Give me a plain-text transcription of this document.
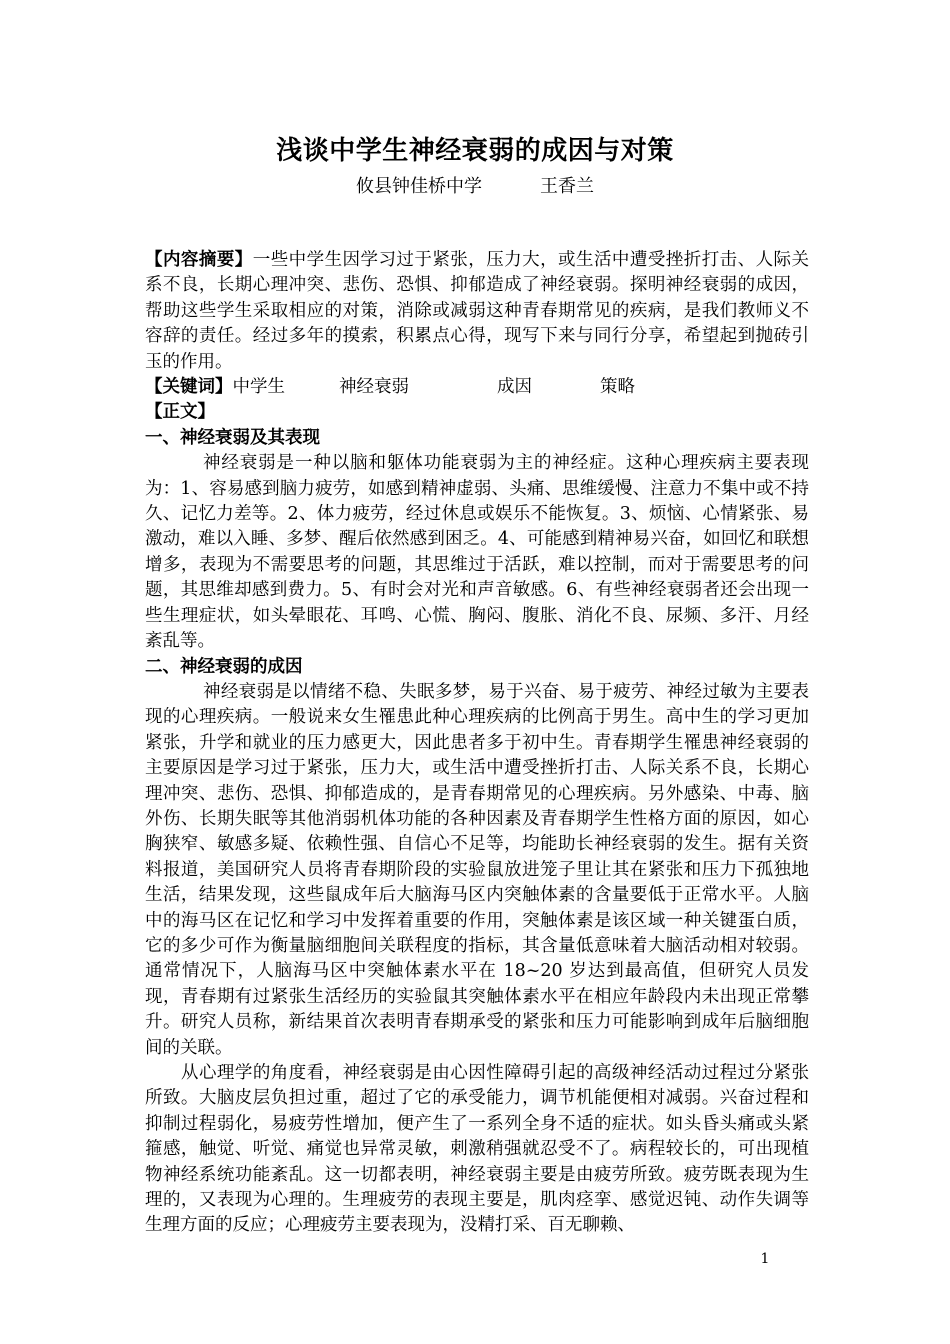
浅谈中学生神经衰弱的成因与对策
攸县钟佳桥中学	王香兰

【内容摘要】一些中学生因学习过于紧张，压力大，或生活中遭受挫折打击、人际关系不良，长期心理冲突、悲伤、恐惧、抑郁造成了神经衰弱。探明神经衰弱的成因，帮助这些学生采取相应的对策，消除或减弱这种青春期常见的疾病，是我们教师义不容辞的责任。经过多年的摸索，积累点心得，现写下来与同行分享，希望起到抛砖引玉的作用。

【关键词】中学生	神经衰弱	成因	策略

【正文】

一、神经衰弱及其表现

神经衰弱是一种以脑和躯体功能衰弱为主的神经症。这种心理疾病主要表现为：1、容易感到脑力疲劳，如感到精神虚弱、头痛、思维缓慢、注意力不集中或不持久、记忆力差等。2、体力疲劳，经过休息或娱乐不能恢复。3、烦恼、心情紧张、易激动，难以入睡、多梦、醒后依然感到困乏。4、可能感到精神易兴奋，如回忆和联想增多，表现为不需要思考的问题，其思维过于活跃，难以控制，而对于需要思考的问题，其思维却感到费力。5、有时会对光和声音敏感。6、有些神经衰弱者还会出现一些生理症状，如头晕眼花、耳鸣、心慌、胸闷、腹胀、消化不良、尿频、多汗、月经紊乱等。

二、神经衰弱的成因

神经衰弱是以情绪不稳、失眠多梦，易于兴奋、易于疲劳、神经过敏为主要表现的心理疾病。一般说来女生罹患此种心理疾病的比例高于男生。高中生的学习更加紧张，升学和就业的压力感更大，因此患者多于初中生。青春期学生罹患神经衰弱的主要原因是学习过于紧张，压力大，或生活中遭受挫折打击、人际关系不良，长期心理冲突、悲伤、恐惧、抑郁造成的，是青春期常见的心理疾病。另外感染、中毒、脑外伤、长期失眠等其他消弱机体功能的各种因素及青春期学生性格方面的原因，如心胸狭窄、敏感多疑、依赖性强、自信心不足等，均能助长神经衰弱的发生。据有关资料报道，美国研究人员将青春期阶段的实验鼠放进笼子里让其在紧张和压力下孤独地生活，结果发现，这些鼠成年后大脑海马区内突触体素的含量要低于正常水平。人脑中的海马区在记忆和学习中发挥着重要的作用，突触体素是该区域一种关键蛋白质，它的多少可作为衡量脑细胞间关联程度的指标，其含量低意味着大脑活动相对较弱。通常情况下，人脑海马区中突触体素水平在 18~20 岁达到最高值，但研究人员发现，青春期有过紧张生活经历的实验鼠其突触体素水平在相应年龄段内未出现正常攀升。研究人员称，新结果首次表明青春期承受的紧张和压力可能影响到成年后脑细胞间的关联。

从心理学的角度看，神经衰弱是由心因性障碍引起的高级神经活动过程过分紧张所致。大脑皮层负担过重，超过了它的承受能力，调节机能便相对减弱。兴奋过程和抑制过程弱化，易疲劳性增加，便产生了一系列全身不适的症状。如头昏头痛或头紧箍感，触觉、听觉、痛觉也异常灵敏，刺激稍强就忍受不了。病程较长的，可出现植物神经系统功能紊乱。这一切都表明，神经衰弱主要是由疲劳所致。疲劳既表现为生理的，又表现为心理的。生理疲劳的表现主要是，肌肉痉挛、感觉迟钝、动作失调等生理方面的反应；心理疲劳主要表现为，没精打采、百无聊赖、

1
